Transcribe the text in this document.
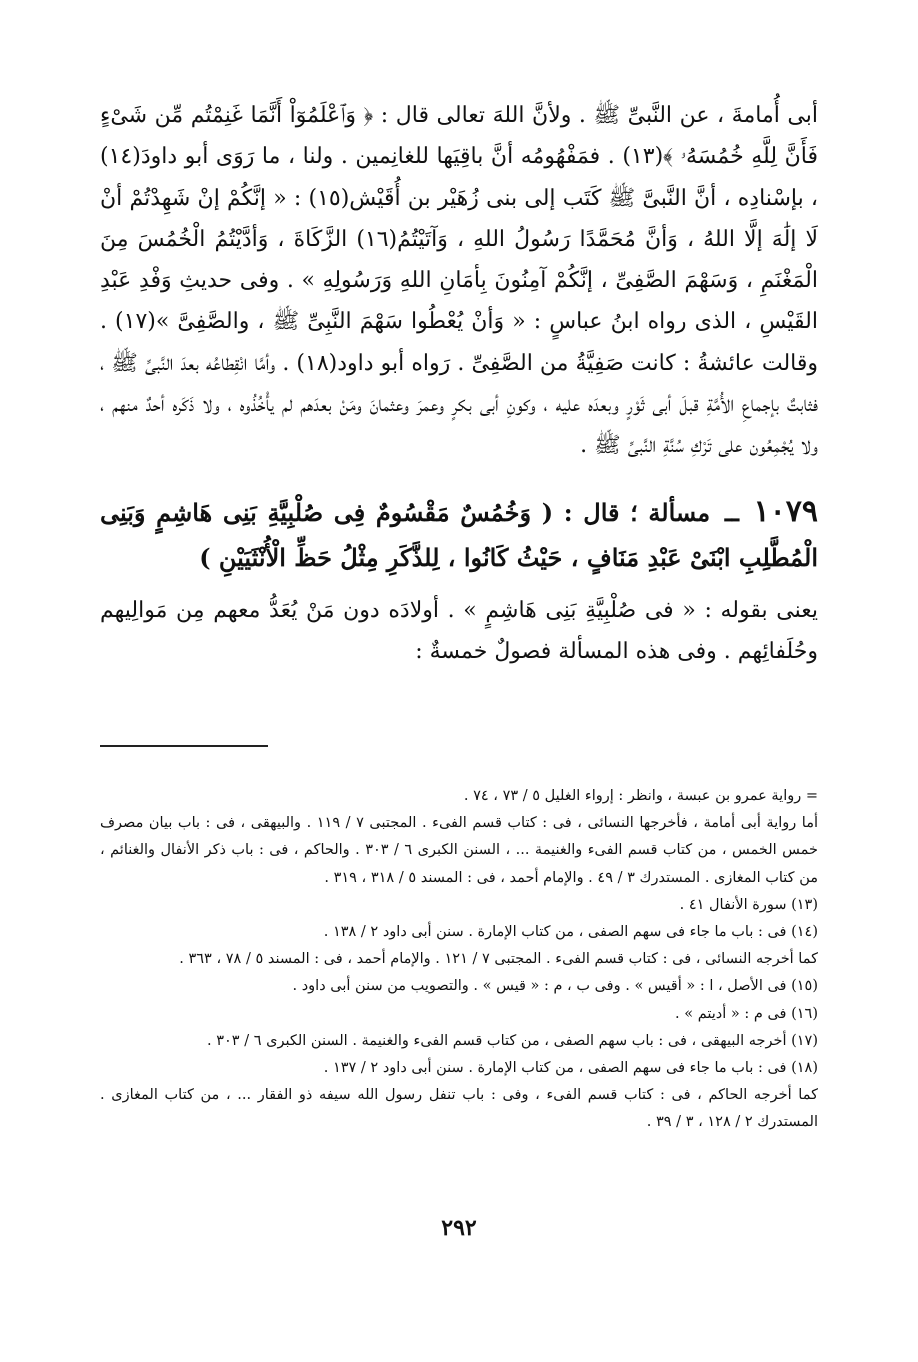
أبى أُمامةَ ، عن النَّبىِّ ﷺ . ولأنَّ اللهَ تعالى قال : ﴿ وَٱعْلَمُوٓاْ أَنَّمَا غَنِمْتُم مِّن شَىْءٍ فَأَنَّ لِلَّهِ خُمُسَهُۥ ﴾(١٣) . فمَفْهُومُه أنَّ باقِيَها للغانِمين . ولنا ، ما رَوَى أبو داودَ(١٤) ، بإسْنادِه ، أنَّ النَّبىَّ ﷺ كَتَب إلى بنى زُهَيْر بن أُقَيْش(١٥) : « إنَّكُمْ إنْ شَهِدْتُمْ أنْ لَا إلَٰهَ إلَّا اللهُ ، وَأنَّ مُحَمَّدًا رَسُولُ اللهِ ، وَآتَيْتُمُ(١٦) الزَّكَاةَ ، وَأدَّيْتُمُ الْخُمُسَ مِنَ الْمَغْنَمِ ، وَسَهْمَ الصَّفِىِّ ، إنَّكُمْ آمِنُونَ بِأمَانِ اللهِ وَرَسُولِهِ » . وفى حديثِ وَفْدِ عَبْدِ القَيْسِ ، الذى رواه ابنُ عباسٍ : « وَأنْ يُعْطُوا سَهْمَ النَّبِىِّ ﷺ ، والصَّفِىَّ »(١٧) . وقالت عائشةُ : كانت صَفِيَّةُ من الصَّفِىِّ . رَواه أبو داود(١٨) . وأمَّا انْقِطاعُه بعدَ النَّبىِّ ﷺ ، فثابتٌ بإجماعِ الأُمَّةِ قبلَ أبى ثَوْرٍ وبعدَه عليه ، وكونِ أبى بكرٍ وعمرَ وعثمانَ ومَنْ بعدَهم لم يأْخُذُوه ، ولا ذَكَره أحدٌ منهم ، ولا يُجْمِعُون على تَرْكِ سُنَّةِ النَّبىِّ ﷺ .

١٠٧٩ ــ مسألة ؛ قال : ( وَخُمُسٌ مَقْسُومٌ فِى صُلْبِيَّةِ بَنِى هَاشِمٍ وَبَنِى الْمُطَّلِبِ ابْنَىْ عَبْدِ مَنَافٍ ، حَيْثُ كَانُوا ، لِلذَّكَرِ مِثْلُ حَظِّ الْأُنْثَيَيْنِ )

يعنى بقوله : « فى صُلْبِيَّةِ بَنِى هَاشِمٍ » . أولادَه دون مَنْ يُعَدُّ معهم مِن مَوالِيهم وحُلَفائِهم . وفى هذه المسألة فصولٌ خمسةٌ :

= رواية عمرو بن عبسة ، وانظر : إرواء الغليل ٥ / ٧٣ ، ٧٤ .

أما رواية أبى أمامة ، فأخرجها النسائى ، فى : كتاب قسم الفىء . المجتبى ٧ / ١١٩ . والبيهقى ، فى : باب بيان مصرف خمس الخمس ، من كتاب قسم الفىء والغنيمة ... ، السنن الكبرى ٦ / ٣٠٣ . والحاكم ، فى : باب ذكر الأنفال والغنائم ، من كتاب المغازى . المستدرك ٣ / ٤٩ . والإمام أحمد ، فى : المسند ٥ / ٣١٨ ، ٣١٩ .

(١٣) سورة الأنفال ٤١ .

(١٤) فى : باب ما جاء فى سهم الصفى ، من كتاب الإمارة . سنن أبى داود ٢ / ١٣٨ .

كما أخرجه النسائى ، فى : كتاب قسم الفىء . المجتبى ٧ / ١٢١ . والإمام أحمد ، فى : المسند ٥ / ٧٨ ، ٣٦٣ .

(١٥) فى الأصل ، ا : « أقيس » . وفى ب ، م : « قيس » . والتصويب من سنن أبى داود .

(١٦) فى م : « أديتم » .

(١٧) أخرجه البيهقى ، فى : باب سهم الصفى ، من كتاب قسم الفىء والغنيمة . السنن الكبرى ٦ / ٣٠٣ .

(١٨) فى : باب ما جاء فى سهم الصفى ، من كتاب الإمارة . سنن أبى داود ٢ / ١٣٧ .

كما أخرجه الحاكم ، فى : كتاب قسم الفىء ، وفى : باب تنفل رسول الله سيفه ذو الفقار ... ، من كتاب المغازى . المستدرك ٢ / ١٢٨ ، ٣ / ٣٩ .

٢٩٢
